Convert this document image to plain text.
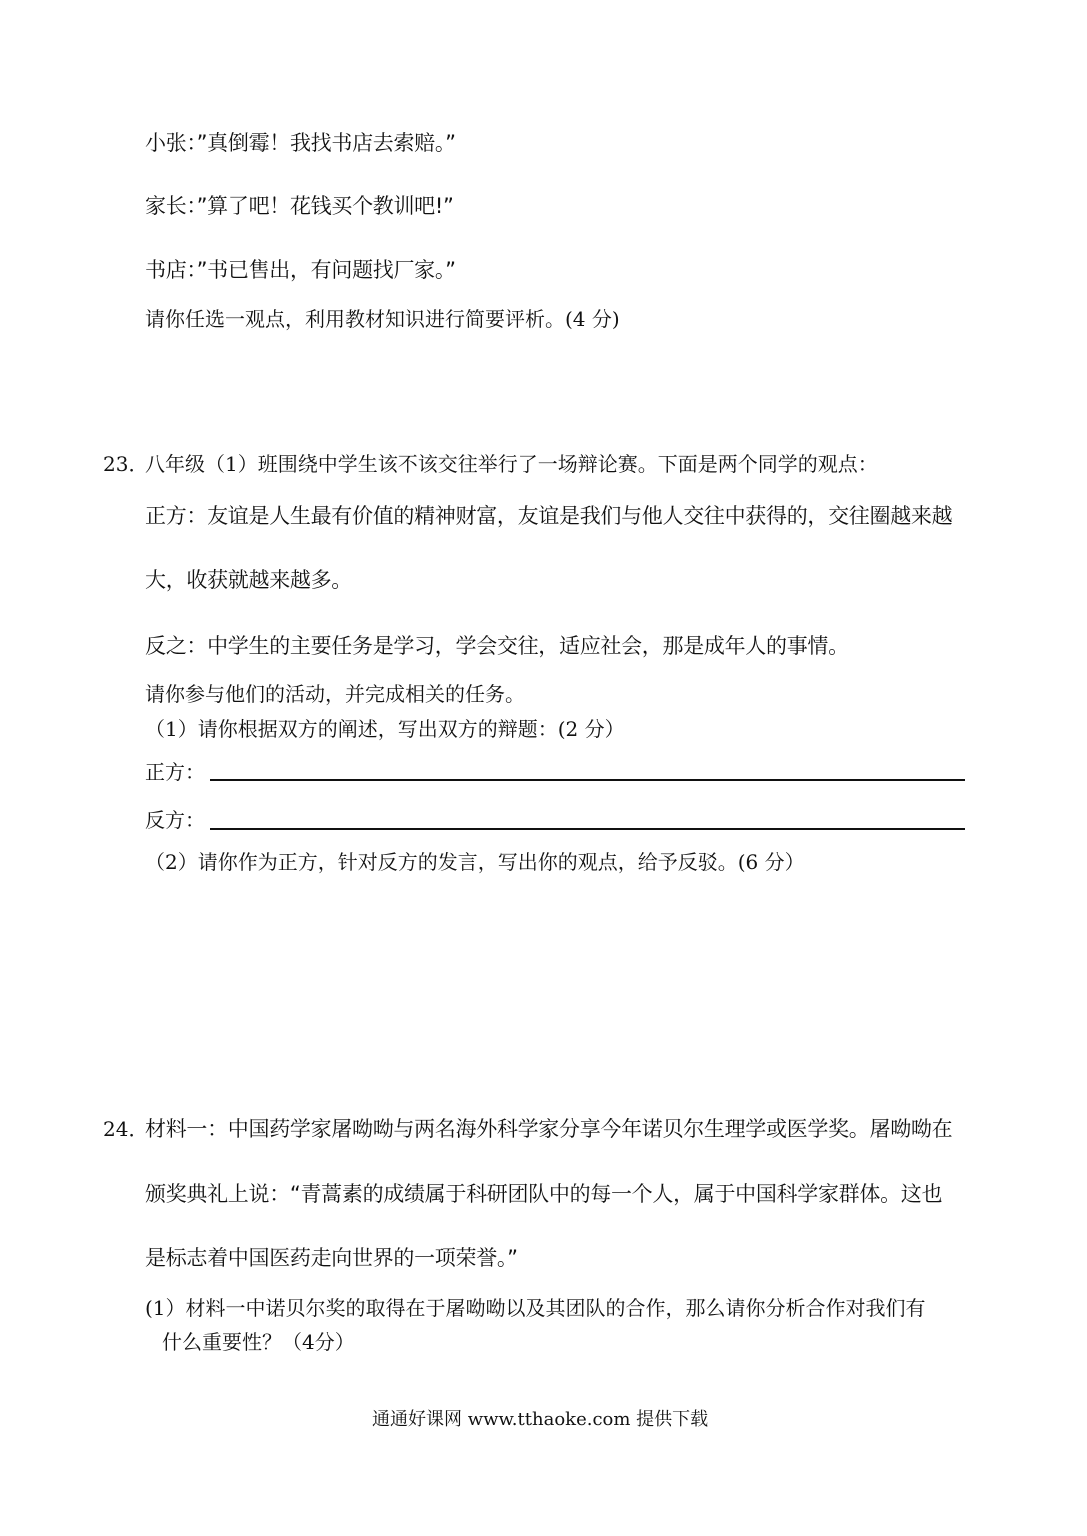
小张：”真倒霉！我找书店去索赔。”
家长：”算了吧！花钱买个教训吧!”
书店：”书已售出，有问题找厂家。”
请你任选一观点，利用教材知识进行简要评析。(4 分)
23．
八年级（1）班围绕中学生该不该交往举行了一场辩论赛。下面是两个同学的观点：
正方：友谊是人生最有价值的精神财富，友谊是我们与他人交往中获得的，交往圈越来越
大，收获就越来越多。
反之：中学生的主要任务是学习，学会交往，适应社会，那是成年人的事情。
请你参与他们的活动，并完成相关的任务。
（1）请你根据双方的阐述，写出双方的辩题：(2 分）
正方：
反方：
（2）请你作为正方，针对反方的发言，写出你的观点，给予反驳。(6 分）
24．
材料一：中国药学家屠呦呦与两名海外科学家分享今年诺贝尔生理学或医学奖。屠呦呦在
颁奖典礼上说：“青蒿素的成绩属于科研团队中的每一个人，属于中国科学家群体。这也
是标志着中国医药走向世界的一项荣誉。”
(1）材料一中诺贝尔奖的取得在于屠呦呦以及其团队的合作，那么请你分析合作对我们有
什么重要性？（4分）
通通好课网 www.tthaoke.com 提供下载
